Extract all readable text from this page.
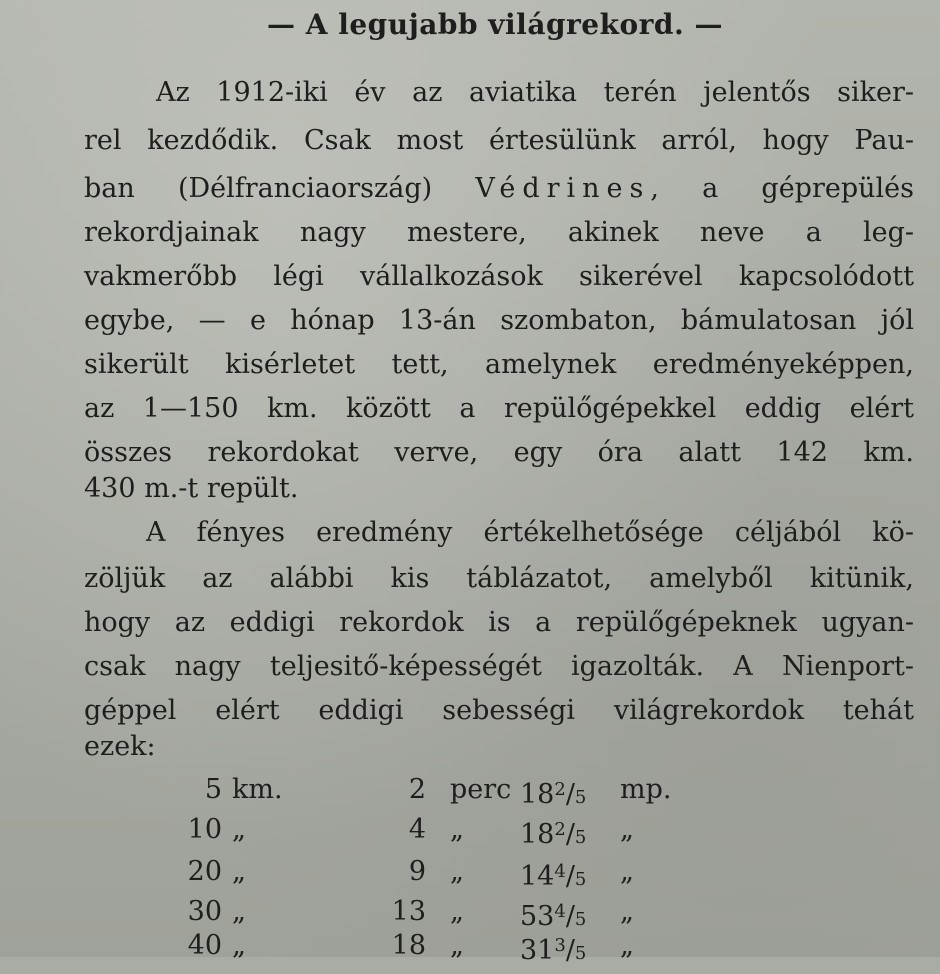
— A legujabb világrekord. —
Az 1912-iki év az aviatika terén jelentős siker-
rel kezdődik. Csak most értesülünk arról, hogy Pau-
ban (Délfranciaország) Védrines, a géprepülés
rekordjainak nagy mestere, akinek neve a leg-
vakmerőbb légi vállalkozások sikerével kapcsolódott
egybe, — e hónap 13-án szombaton, bámulatosan jól
sikerült kisérletet tett, amelynek eredményeképpen,
az 1—150 km. között a repülőgépekkel eddig elért
összes rekordokat verve, egy óra alatt 142 km.
430 m.-t repült.
A fényes eredmény értékelhetősége céljából kö-
zöljük az alábbi kis táblázatot, amelyből kitünik,
hogy az eddigi rekordok is a repülőgépeknek ugyan-
csak nagy teljesitő-képességét igazolták. A Nienport-
géppel elért eddigi sebességi világrekordok tehát
ezek:
5 km.	2 perc $18^2/5$ mp.
10 „	4 „ $18^2/5$ „
20 „	9 „ $14^4/5$ „
30 „	13 „ $53^4/5$ „
40 „	18 „ $31^3/5$ „
